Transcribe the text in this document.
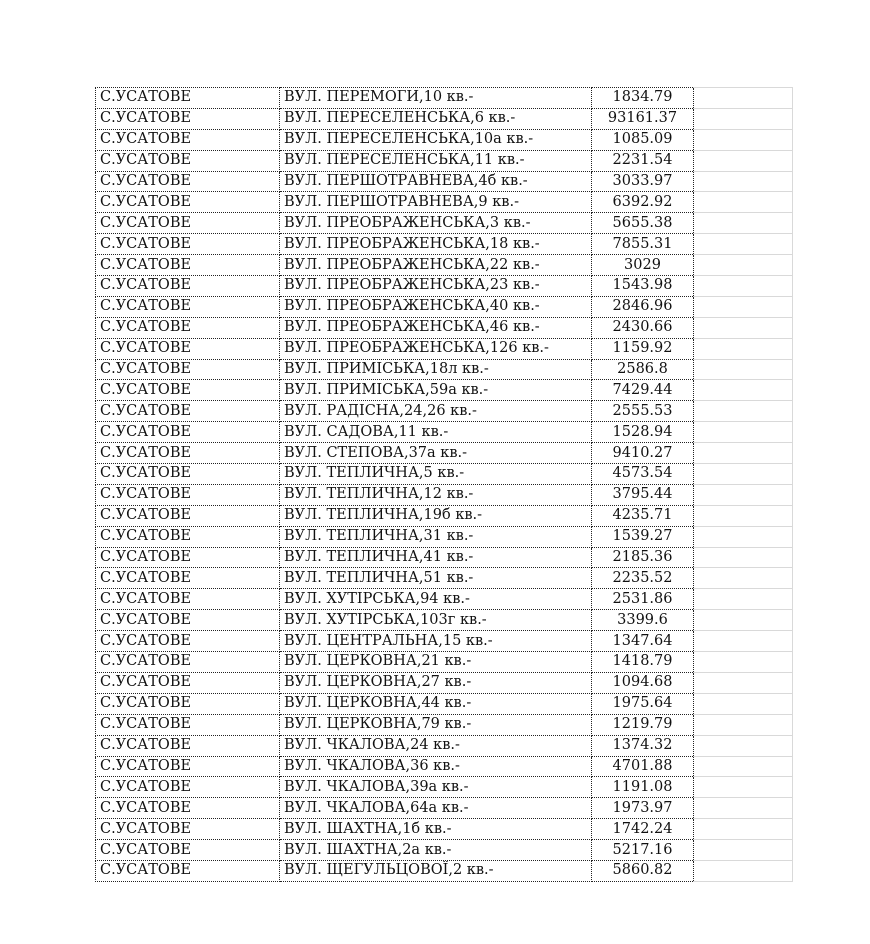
С.УСАТОВЕ	ВУЛ. ПЕРЕМОГИ,10 кв.-	1834.79	
С.УСАТОВЕ	ВУЛ. ПЕРЕСЕЛЕНСЬКА,6 кв.-	93161.37	
С.УСАТОВЕ	ВУЛ. ПЕРЕСЕЛЕНСЬКА,10а кв.-	1085.09	
С.УСАТОВЕ	ВУЛ. ПЕРЕСЕЛЕНСЬКА,11 кв.-	2231.54	
С.УСАТОВЕ	ВУЛ. ПЕРШОТРАВНЕВА,4б кв.-	3033.97	
С.УСАТОВЕ	ВУЛ. ПЕРШОТРАВНЕВА,9 кв.-	6392.92	
С.УСАТОВЕ	ВУЛ. ПРЕОБРАЖЕНСЬКА,3 кв.-	5655.38	
С.УСАТОВЕ	ВУЛ. ПРЕОБРАЖЕНСЬКА,18 кв.-	7855.31	
С.УСАТОВЕ	ВУЛ. ПРЕОБРАЖЕНСЬКА,22 кв.-	3029	
С.УСАТОВЕ	ВУЛ. ПРЕОБРАЖЕНСЬКА,23 кв.-	1543.98	
С.УСАТОВЕ	ВУЛ. ПРЕОБРАЖЕНСЬКА,40 кв.-	2846.96	
С.УСАТОВЕ	ВУЛ. ПРЕОБРАЖЕНСЬКА,46 кв.-	2430.66	
С.УСАТОВЕ	ВУЛ. ПРЕОБРАЖЕНСЬКА,126 кв.-	1159.92	
С.УСАТОВЕ	ВУЛ. ПРИМІСЬКА,18л кв.-	2586.8	
С.УСАТОВЕ	ВУЛ. ПРИМІСЬКА,59а кв.-	7429.44	
С.УСАТОВЕ	ВУЛ. РАДІСНА,24,26 кв.-	2555.53	
С.УСАТОВЕ	ВУЛ. САДОВА,11 кв.-	1528.94	
С.УСАТОВЕ	ВУЛ. СТЕПОВА,37а кв.-	9410.27	
С.УСАТОВЕ	ВУЛ. ТЕПЛИЧНА,5 кв.-	4573.54	
С.УСАТОВЕ	ВУЛ. ТЕПЛИЧНА,12 кв.-	3795.44	
С.УСАТОВЕ	ВУЛ. ТЕПЛИЧНА,19б кв.-	4235.71	
С.УСАТОВЕ	ВУЛ. ТЕПЛИЧНА,31 кв.-	1539.27	
С.УСАТОВЕ	ВУЛ. ТЕПЛИЧНА,41 кв.-	2185.36	
С.УСАТОВЕ	ВУЛ. ТЕПЛИЧНА,51 кв.-	2235.52	
С.УСАТОВЕ	ВУЛ. ХУТІРСЬКА,94 кв.-	2531.86	
С.УСАТОВЕ	ВУЛ. ХУТІРСЬКА,103г кв.-	3399.6	
С.УСАТОВЕ	ВУЛ. ЦЕНТРАЛЬНА,15 кв.-	1347.64	
С.УСАТОВЕ	ВУЛ. ЦЕРКОВНА,21 кв.-	1418.79	
С.УСАТОВЕ	ВУЛ. ЦЕРКОВНА,27 кв.-	1094.68	
С.УСАТОВЕ	ВУЛ. ЦЕРКОВНА,44 кв.-	1975.64	
С.УСАТОВЕ	ВУЛ. ЦЕРКОВНА,79 кв.-	1219.79	
С.УСАТОВЕ	ВУЛ. ЧКАЛОВА,24 кв.-	1374.32	
С.УСАТОВЕ	ВУЛ. ЧКАЛОВА,36 кв.-	4701.88	
С.УСАТОВЕ	ВУЛ. ЧКАЛОВА,39а кв.-	1191.08	
С.УСАТОВЕ	ВУЛ. ЧКАЛОВА,64а кв.-	1973.97	
С.УСАТОВЕ	ВУЛ. ШАХТНА,1б кв.-	1742.24	
С.УСАТОВЕ	ВУЛ. ШАХТНА,2а кв.-	5217.16	
С.УСАТОВЕ	ВУЛ. ЩЕГУЛЬЦОВОЇ,2 кв.-	5860.82	
